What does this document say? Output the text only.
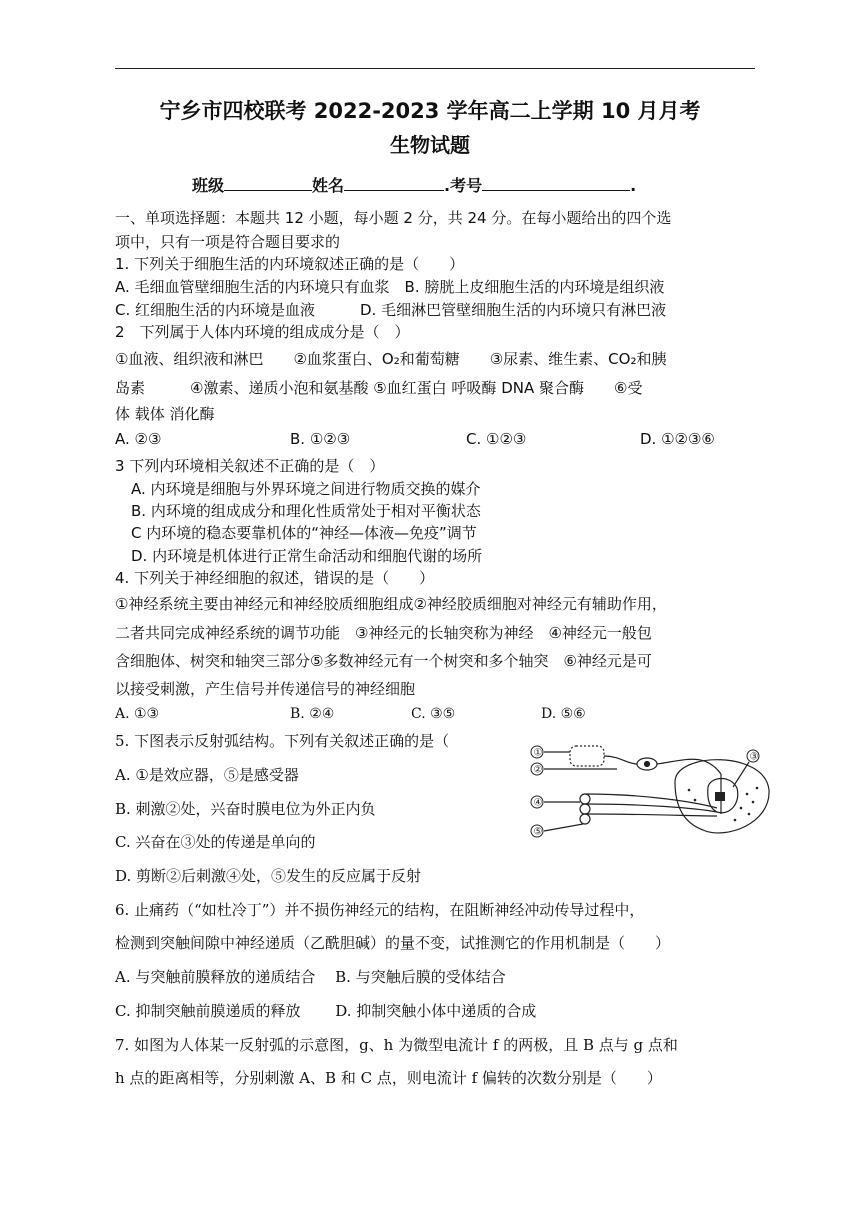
宁乡市四校联考 2022-2023 学年高二上学期 10 月月考
生物试题
班级	姓名	.考号	.
一、单项选择题：本题共 12 小题，每小题 2 分，共 24 分。在每小题给出的四个选
项中，只有一项是符合题目要求的
1. 下列关于细胞生活的内环境叙述正确的是（　　）
A. 毛细血管壁细胞生活的内环境只有血浆　B. 膀胱上皮细胞生活的内环境是组织液
C. 红细胞生活的内环境是血液　　　D. 毛细淋巴管壁细胞生活的内环境只有淋巴液
2　下列属于人体内环境的组成成分是（　）
①血液、组织液和淋巴　　②血浆蛋白、O₂和葡萄糖　　③尿素、维生素、CO₂和胰
岛素　　　④激素、递质小泡和氨基酸 ⑤血红蛋白 呼吸酶 DNA 聚合酶　　⑥受
体 载体 消化酶
A. ②③	B. ①②③	C. ①②③	D. ①②③⑥
3 下列内环境相关叙述不正确的是（　）
A. 内环境是细胞与外界环境之间进行物质交换的媒介
B. 内环境的组成成分和理化性质常处于相对平衡状态
C 内环境的稳态要靠机体的“神经—体液—免疫”调节
D. 内环境是机体进行正常生命活动和细胞代谢的场所
4. 下列关于神经细胞的叙述，错误的是（　　）
①神经系统主要由神经元和神经胶质细胞组成②神经胶质细胞对神经元有辅助作用，
二者共同完成神经系统的调节功能　③神经元的长轴突称为神经　④神经元一般包
含细胞体、树突和轴突三部分⑤多数神经元有一个树突和多个轴突　⑥神经元是可
以接受刺激，产生信号并传递信号的神经细胞
A. ①③	B. ②④	C. ③⑤	D. ⑤⑥
5. 下图表示反射弧结构。下列有关叙述正确的是（
A. ①是效应器，⑤是感受器
B. 刺激②处，兴奋时膜电位为外正内负
C. 兴奋在③处的传递是单向的
D. 剪断②后刺激④处，⑤发生的反应属于反射
①
②
③
④
⑤
6. 止痛药（“如杜冷丁”）并不损伤神经元的结构，在阻断神经冲动传导过程中，
检测到突触间隙中神经递质（乙酰胆碱）的量不变，试推测它的作用机制是（　　）
A. 与突触前膜释放的递质结合　 B. 与突触后膜的受体结合
C. 抑制突触前膜递质的释放　　 D. 抑制突触小体中递质的合成
7. 如图为人体某一反射弧的示意图，g、h 为微型电流计 f 的两极，且 B 点与 g 点和
h 点的距离相等，分别刺激 A、B 和 C 点，则电流计 f 偏转的次数分别是（　　）
